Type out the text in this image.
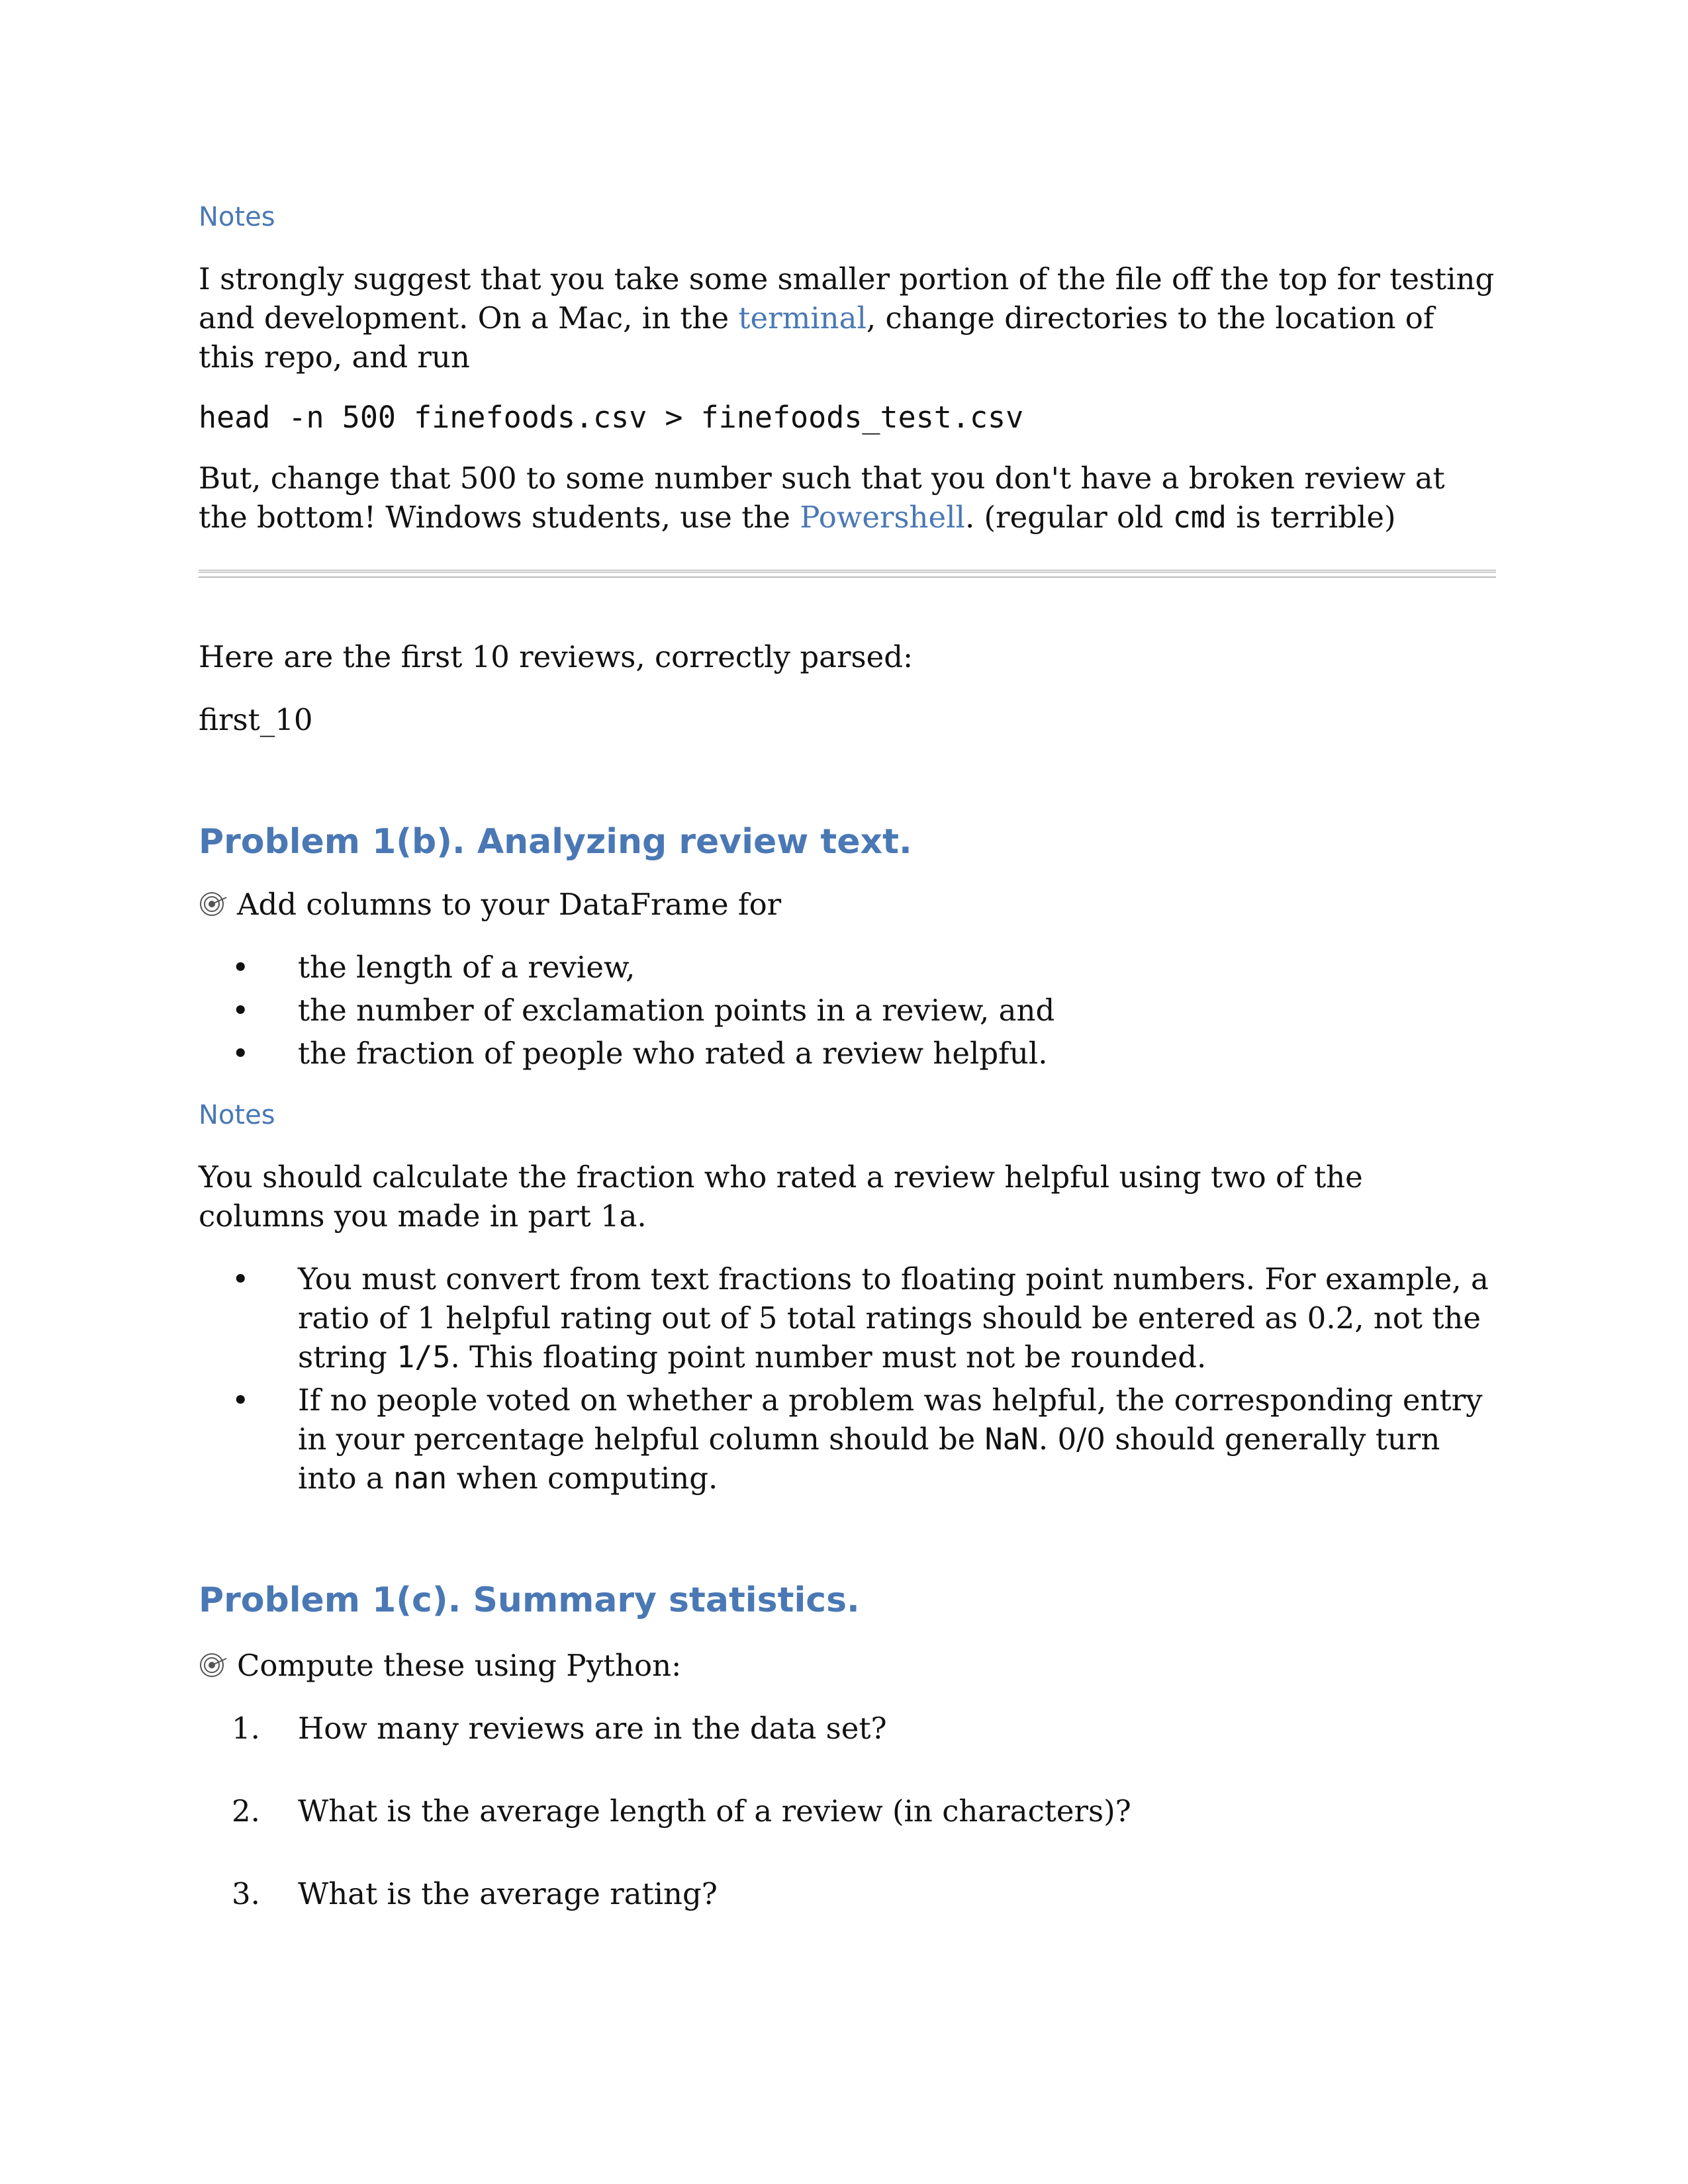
Notes

I strongly suggest that you take some smaller portion of the file off the top for testing and development. On a Mac, in the terminal, change directories to the location of this repo, and run

head -n 500 finefoods.csv > finefoods_test.csv

But, change that 500 to some number such that you don't have a broken review at the bottom! Windows students, use the Powershell. (regular old cmd is terrible)

Here are the first 10 reviews, correctly parsed:

first_10

Problem 1(b). Analyzing review text.

Add columns to your DataFrame for

• the length of a review,
• the number of exclamation points in a review, and
• the fraction of people who rated a review helpful.
Notes

You should calculate the fraction who rated a review helpful using two of the columns you made in part 1a.

• You must convert from text fractions to floating point numbers. For example, a ratio of 1 helpful rating out of 5 total ratings should be entered as 0.2, not the string 1/5. This floating point number must not be rounded.
• If no people voted on whether a problem was helpful, the corresponding entry in your percentage helpful column should be NaN. 0/0 should generally turn into a nan when computing.
Problem 1(c). Summary statistics.

Compute these using Python:

1.	How many reviews are in the data set?
2.	What is the average length of a review (in characters)?
3.	What is the average rating?
